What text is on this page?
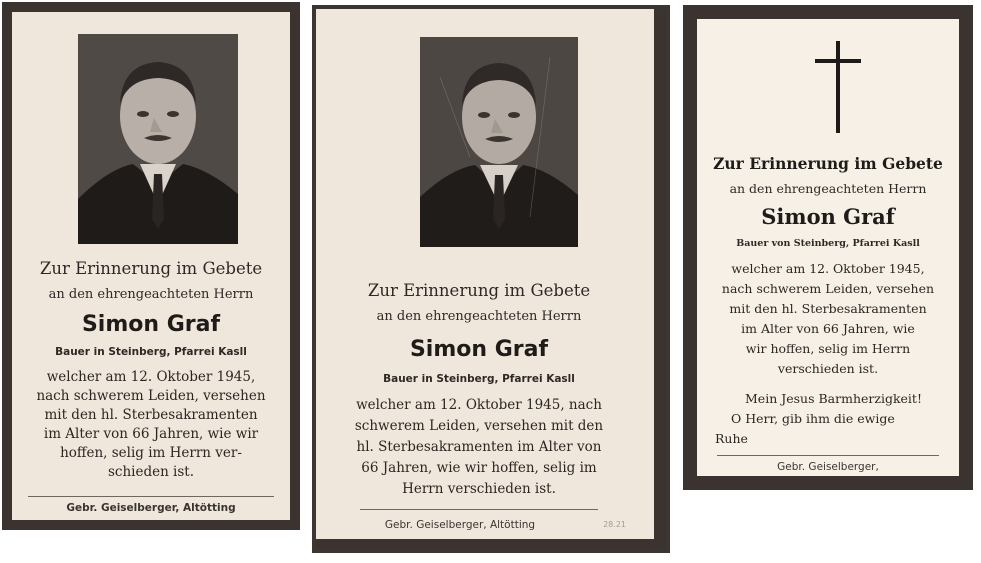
Zur Erinnerung im Gebete

an den ehrengeachteten Herrn

Simon Graf

Bauer in Steinberg, Pfarrei Kasll

welcher am 12. Oktober 1945,
nach schwerem Leiden, versehen
mit den hl. Sterbesakramenten
im Alter von 66 Jahren, wie wir
hoffen, selig im Herrn ver-
schieden ist.

Gebr. Geiselberger, Altötting

Zur Erinnerung im Gebete

an den ehrengeachteten Herrn

Simon Graf

Bauer in Steinberg, Pfarrei Kasll

welcher am 12. Oktober 1945, nach
schwerem Leiden, versehen mit den
hl. Sterbesakramenten im Alter von
66 Jahren, wie wir hoffen, selig im
Herrn verschieden ist.

Gebr. Geiselberger, Altötting	28.21

Zur Erinnerung im Gebete

an den ehrengeachteten Herrn

Simon Graf

Bauer von Steinberg, Pfarrei Kasll

welcher am 12. Oktober 1945,
nach schwerem Leiden, versehen
mit den hl. Sterbesakramenten
im Alter von 66 Jahren, wie
wir hoffen, selig im Herrn
verschieden ist.
Mein Jesus Barmherzigkeit!
O Herr, gib ihm die ewige
Ruhe

Gebr. Geiselberger,
